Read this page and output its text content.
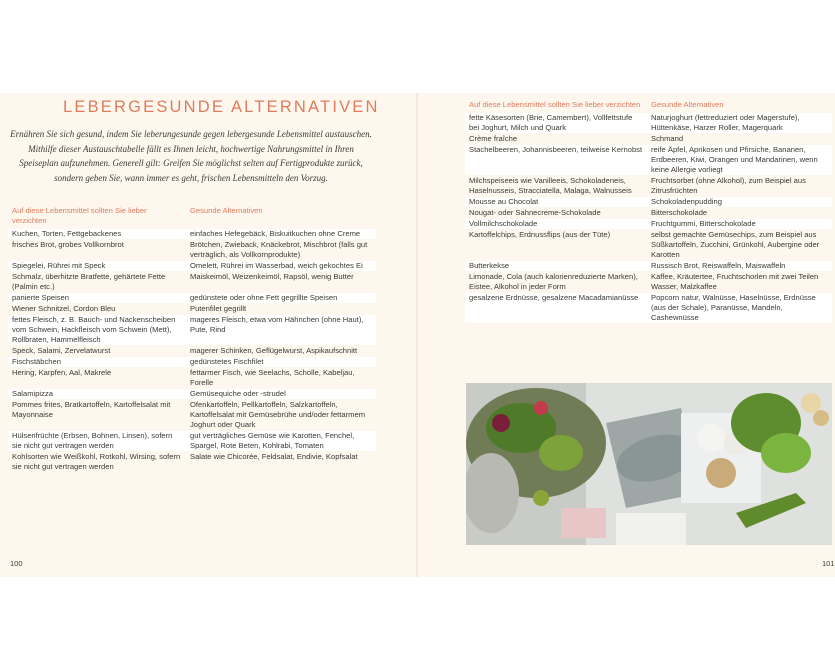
LEBERGESUNDE ALTERNATIVEN
Ernähren Sie sich gesund, indem Sie leberungesunde gegen lebergesunde Lebensmittel austauschen. Mithilfe dieser Austauschtabelle fällt es Ihnen leicht, hochwertige Nahrungsmittel in Ihren Speiseplan aufzunehmen. Generell gilt: Greifen Sie möglichst selten auf Fertigprodukte zurück, sondern geben Sie, wann immer es geht, frischen Lebensmitteln den Vorzug.
Auf diese Lebensmittel sollten Sie lieber verzichten	Gesunde Alternativen
Kuchen, Torten, Fettgebackenes	einfaches Hefegebäck, Biskuitkuchen ohne Creme
frisches Brot, grobes Vollkornbrot	Brötchen, Zwieback, Knäckebrot, Mischbrot (falls gut verträglich, als Vollkornprodukte)
Spiegelei, Rührei mit Speck	Omelett, Rührei im Wasserbad, weich gekochtes Ei
Schmalz, überhitzte Bratfette, gehärtete Fette (Palmin etc.)	Maiskeimöl, Weizenkeimöl, Rapsöl, wenig Butter
panierte Speisen	gedünstete oder ohne Fett gegrillte Speisen
Wiener Schnitzel, Cordon Bleu	Putenfilet gegrillt
fettes Fleisch, z. B. Bauch- und Nackenscheiben vom Schwein, Hackfleisch vom Schwein (Mett), Rollbraten, Hammelfleisch	mageres Fleisch, etwa vom Hähnchen (ohne Haut), Pute, Rind
Speck, Salami, Zervelatwurst	magerer Schinken, Geflügelwurst, Aspikaufschnitt
Fischstäbchen	gedünstetes Fischfilet
Hering, Karpfen, Aal, Makrele	fettarmer Fisch, wie Seelachs, Scholle, Kabeljau, Forelle
Salamipizza	Gemüsequiche oder -strudel
Pommes frites, Bratkartoffeln, Kartoffelsalat mit Mayonnaise	Ofenkartoffeln, Pellkartoffeln, Salzkartoffeln, Kartoffelsalat mit Gemüsebrühe und/oder fettarmem Joghurt oder Quark
Hülsenfrüchte (Erbsen, Bohnen, Linsen), sofern sie nicht gut vertragen werden	gut verträgliches Gemüse wie Karotten, Fenchel, Spargel, Rote Beten, Kohlrabi, Tomaten
Kohlsorten wie Weißkohl, Rotkohl, Wirsing, sofern sie nicht gut vertragen werden	Salate wie Chicorée, Feldsalat, Endivie, Kopfsalat
100
Auf diese Lebensmittel sollten Sie lieber verzichten	Gesunde Alternativen
fette Käsesorten (Brie, Camembert), Vollfettstufe bei Joghurt, Milch und Quark	Naturjoghurt (fettreduziert oder Magerstufe), Hüttenkäse, Harzer Roller, Magerquark
Crème fraîche	Schmand
Stachelbeeren, Johannisbeeren, teilweise Kernobst	reife Äpfel, Aprikosen und Pfirsiche, Bananen, Erdbeeren, Kiwi, Orangen und Mandarinen, wenn keine Allergie vorliegt
Milchspeiseeis wie Vanilleeis, Schokoladeneis, Haselnusseis, Stracciatella, Malaga, Walnusseis	Fruchtsorbet (ohne Alkohol), zum Beispiel aus Zitrusfrüchten
Mousse au Chocolat	Schokoladenpudding
Nougat- oder Sahnecreme-Schokolade	Bitterschokolade
Vollmilchschokolade	Fruchtgummi, Bitterschokolade
Kartoffelchips, Erdnussflips (aus der Tüte)	selbst gemachte Gemüsechips, zum Beispiel aus Süßkartoffeln, Zucchini, Grünkohl, Aubergine oder Karotten
Butterkekse	Russisch Brot, Reiswaffeln, Maiswaffeln
Limonade, Cola (auch kalorienreduzierte Marken), Eistee, Alkohol in jeder Form	Kaffee, Kräutertee, Fruchtschorlen mit zwei Teilen Wasser, Malzkaffee
gesalzene Erdnüsse, gesalzene Macadamianüsse	Popcorn natur, Walnüsse, Haselnüsse, Erdnüsse (aus der Schale), Paranüsse, Mandeln, Cashewnüsse
101
